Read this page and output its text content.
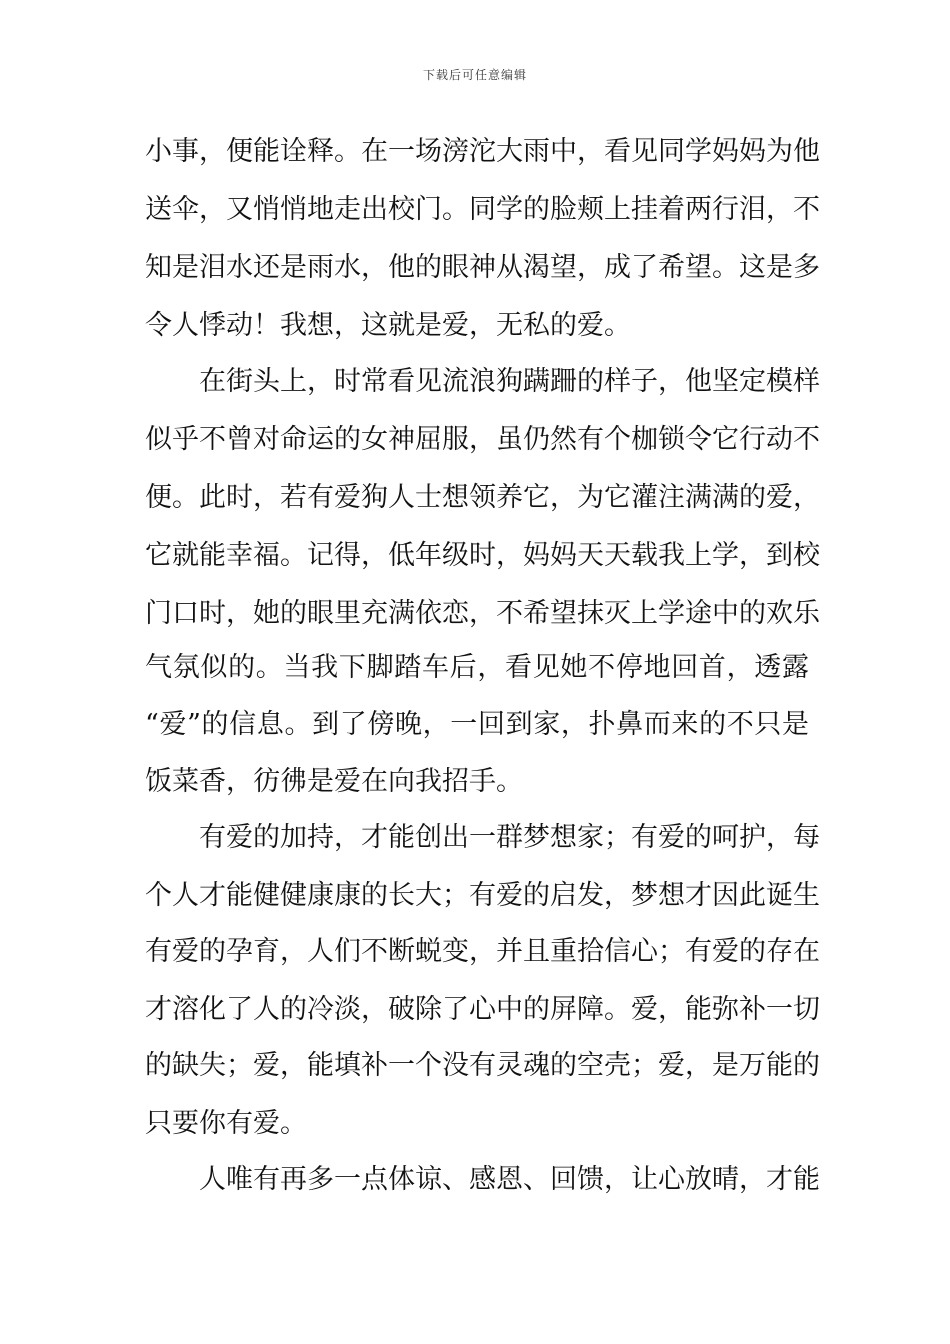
下载后可任意编辑
小事，便能诠释。在一场滂沱大雨中，看见同学妈妈为他
送伞，又悄悄地走出校门。同学的脸颊上挂着两行泪，不
知是泪水还是雨水，他的眼神从渴望，成了希望。这是多
令人悸动！我想，这就是爱，无私的爱。
在街头上，时常看见流浪狗蹒跚的样子，他坚定模样
似乎不曾对命运的女神屈服，虽仍然有个枷锁令它行动不
便。此时，若有爱狗人士想领养它，为它灌注满满的爱，
它就能幸福。记得，低年级时，妈妈天天载我上学，到校
门口时，她的眼里充满依恋，不希望抹灭上学途中的欢乐
气氛似的。当我下脚踏车后，看见她不停地回首，透露
“爱”的信息。到了傍晚，一回到家，扑鼻而来的不只是
饭菜香，彷彿是爱在向我招手。
有爱的加持，才能创出一群梦想家；有爱的呵护，每
个人才能健健康康的长大；有爱的启发，梦想才因此诞生
有爱的孕育，人们不断蜕变，并且重拾信心；有爱的存在
才溶化了人的冷淡，破除了心中的屏障。爱，能弥补一切
的缺失；爱，能填补一个没有灵魂的空壳；爱，是万能的
只要你有爱。
人唯有再多一点体谅、感恩、回馈，让心放晴，才能
